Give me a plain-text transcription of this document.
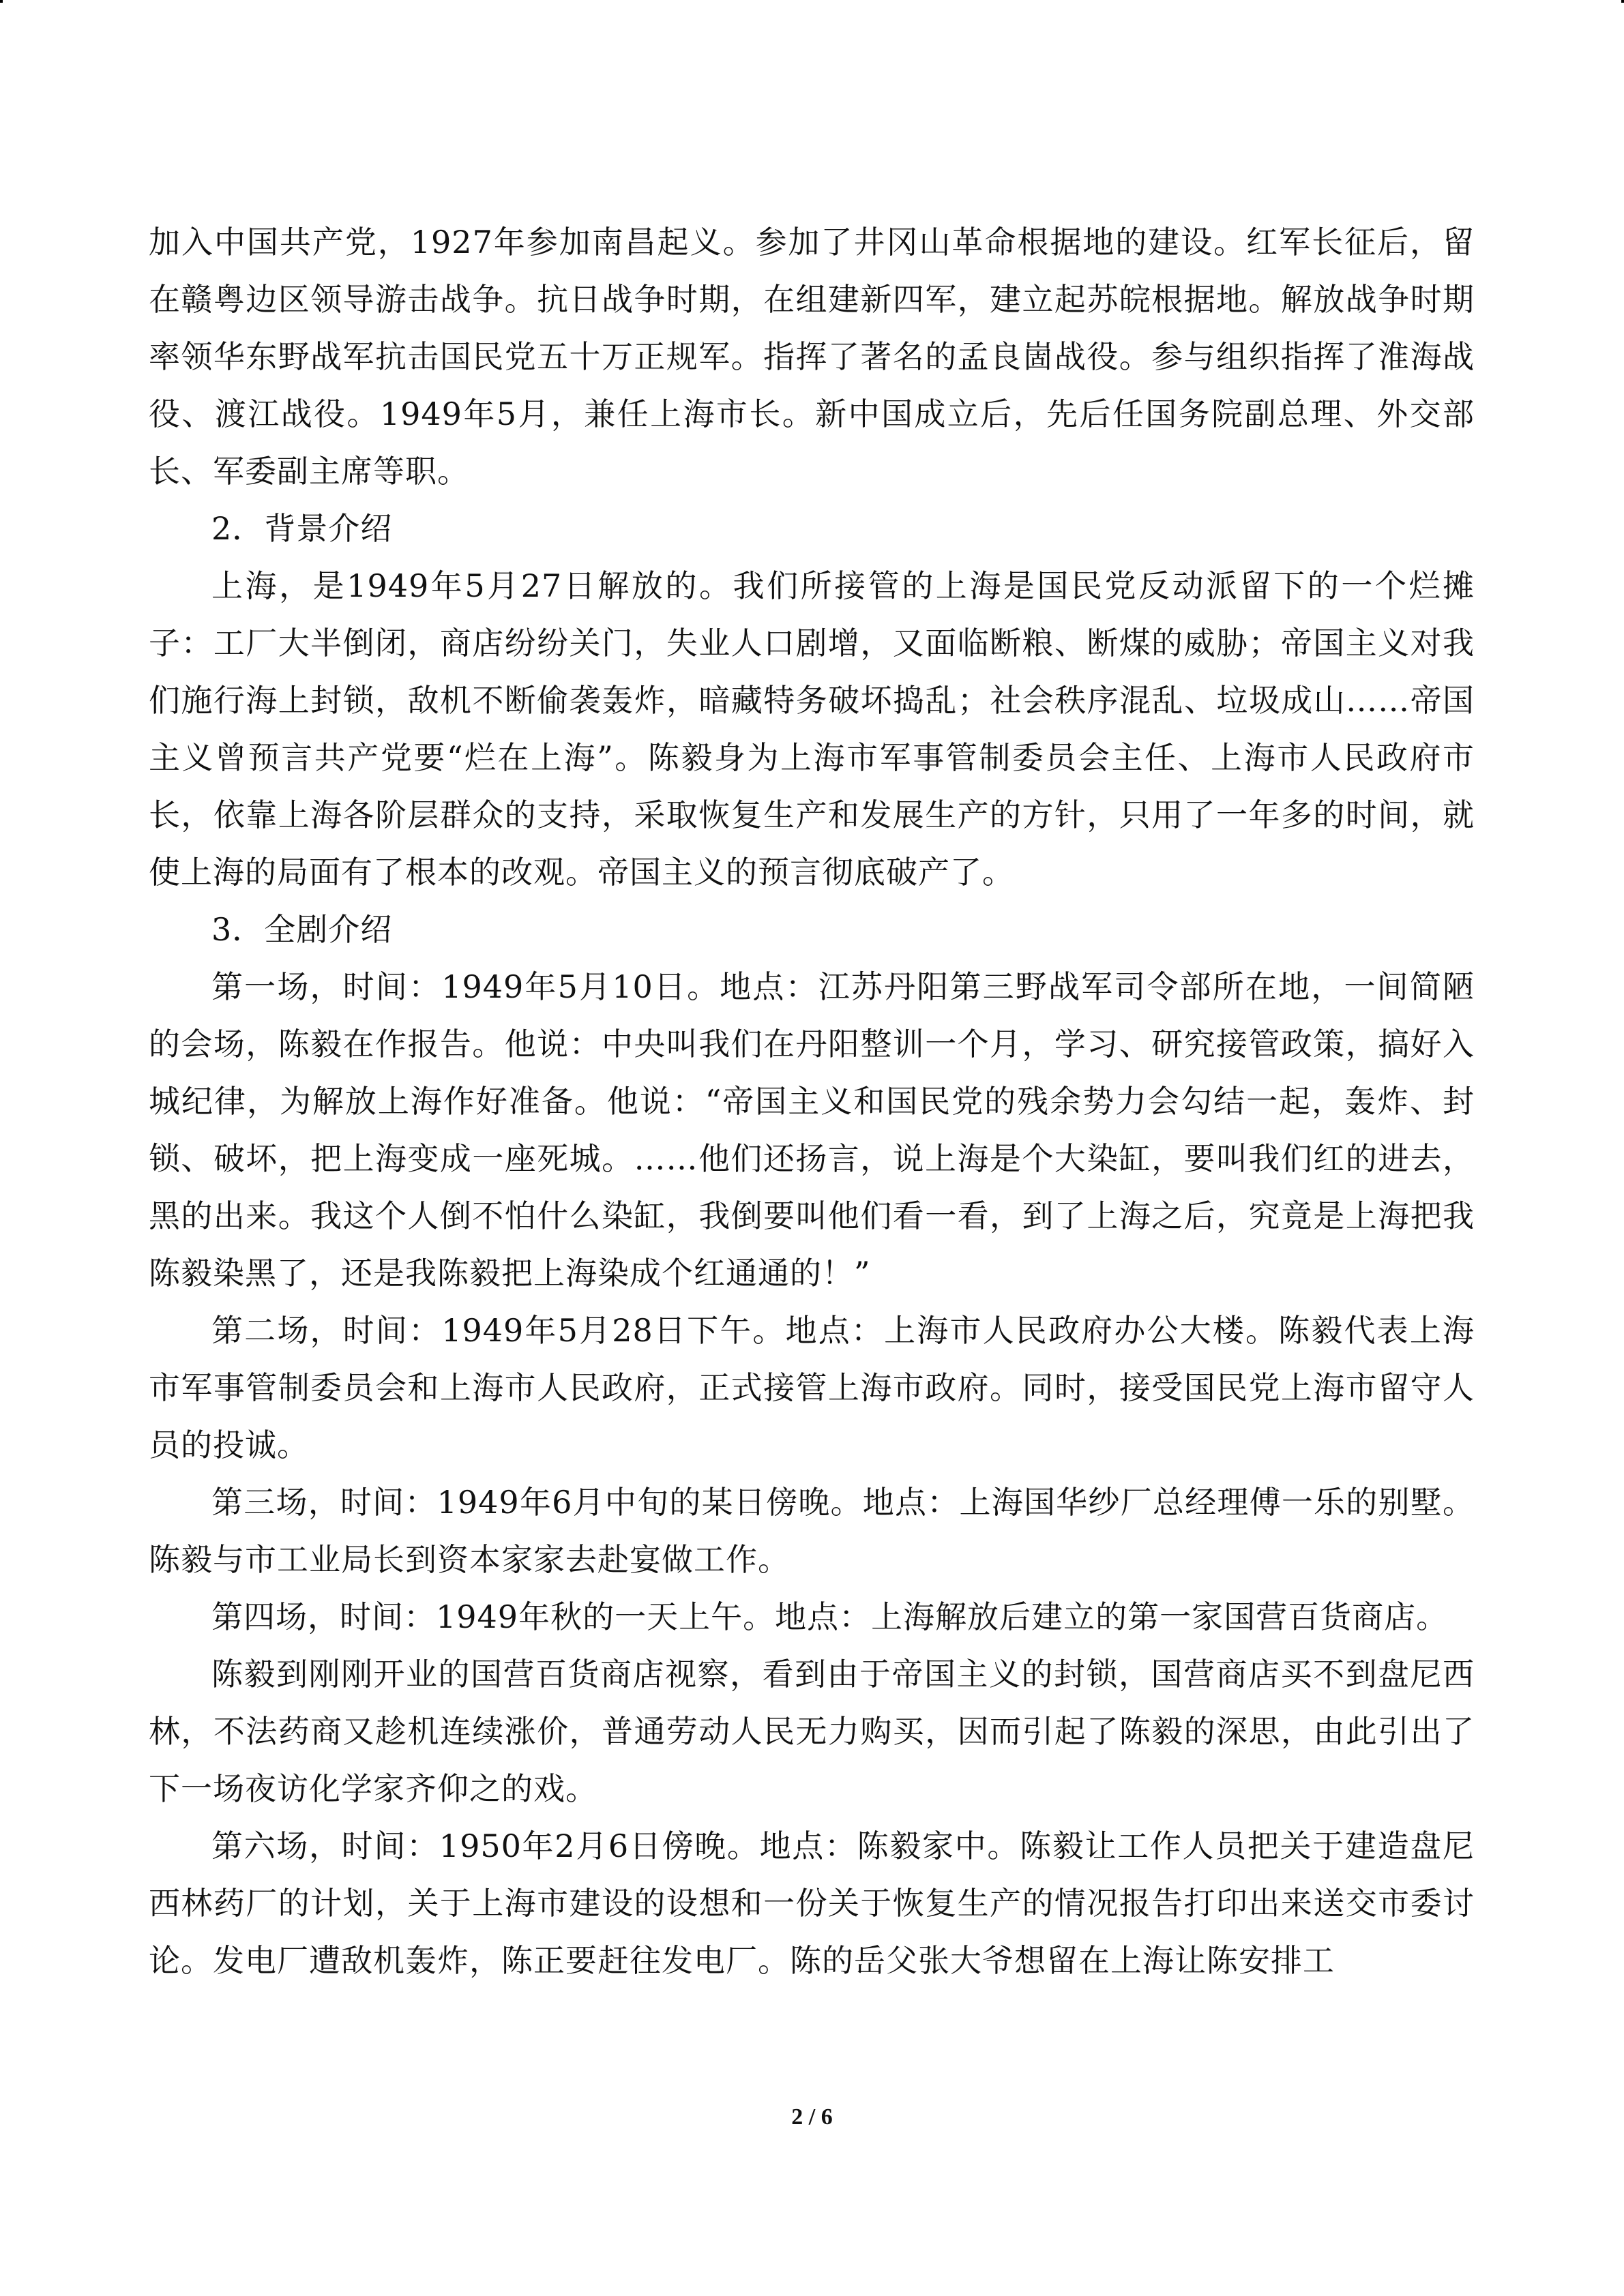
加入中国共产党，1927年参加南昌起义。参加了井冈山革命根据地的建设。红军长征后，留在赣粤边区领导游击战争。抗日战争时期，在组建新四军，建立起苏皖根据地。解放战争时期率领华东野战军抗击国民党五十万正规军。指挥了著名的孟良崮战役。参与组织指挥了淮海战役、渡江战役。1949年5月，兼任上海市长。新中国成立后，先后任国务院副总理、外交部长、军委副主席等职。

2．背景介绍

上海，是1949年5月27日解放的。我们所接管的上海是国民党反动派留下的一个烂摊子：工厂大半倒闭，商店纷纷关门，失业人口剧增，又面临断粮、断煤的威胁；帝国主义对我们施行海上封锁，敌机不断偷袭轰炸，暗藏特务破坏捣乱；社会秩序混乱、垃圾成山……帝国主义曾预言共产党要“烂在上海”。陈毅身为上海市军事管制委员会主任、上海市人民政府市长，依靠上海各阶层群众的支持，采取恢复生产和发展生产的方针，只用了一年多的时间，就使上海的局面有了根本的改观。帝国主义的预言彻底破产了。

3．全剧介绍

第一场，时间：1949年5月10日。地点：江苏丹阳第三野战军司令部所在地，一间简陋的会场，陈毅在作报告。他说：中央叫我们在丹阳整训一个月，学习、研究接管政策，搞好入城纪律，为解放上海作好准备。他说：“帝国主义和国民党的残余势力会勾结一起，轰炸、封锁、破坏，把上海变成一座死城。……他们还扬言，说上海是个大染缸，要叫我们红的进去，黑的出来。我这个人倒不怕什么染缸，我倒要叫他们看一看，到了上海之后，究竟是上海把我陈毅染黑了，还是我陈毅把上海染成个红通通的！”

第二场，时间：1949年5月28日下午。地点：上海市人民政府办公大楼。陈毅代表上海市军事管制委员会和上海市人民政府，正式接管上海市政府。同时，接受国民党上海市留守人员的投诚。

第三场，时间：1949年6月中旬的某日傍晚。地点：上海国华纱厂总经理傅一乐的别墅。陈毅与市工业局长到资本家家去赴宴做工作。

第四场，时间：1949年秋的一天上午。地点：上海解放后建立的第一家国营百货商店。

陈毅到刚刚开业的国营百货商店视察，看到由于帝国主义的封锁，国营商店买不到盘尼西林，不法药商又趁机连续涨价，普通劳动人民无力购买，因而引起了陈毅的深思，由此引出了下一场夜访化学家齐仰之的戏。

第六场，时间：1950年2月6日傍晚。地点：陈毅家中。陈毅让工作人员把关于建造盘尼西林药厂的计划，关于上海市建设的设想和一份关于恢复生产的情况报告打印出来送交市委讨论。发电厂遭敌机轰炸，陈正要赶往发电厂。陈的岳父张大爷想留在上海让陈安排工

2 / 6
